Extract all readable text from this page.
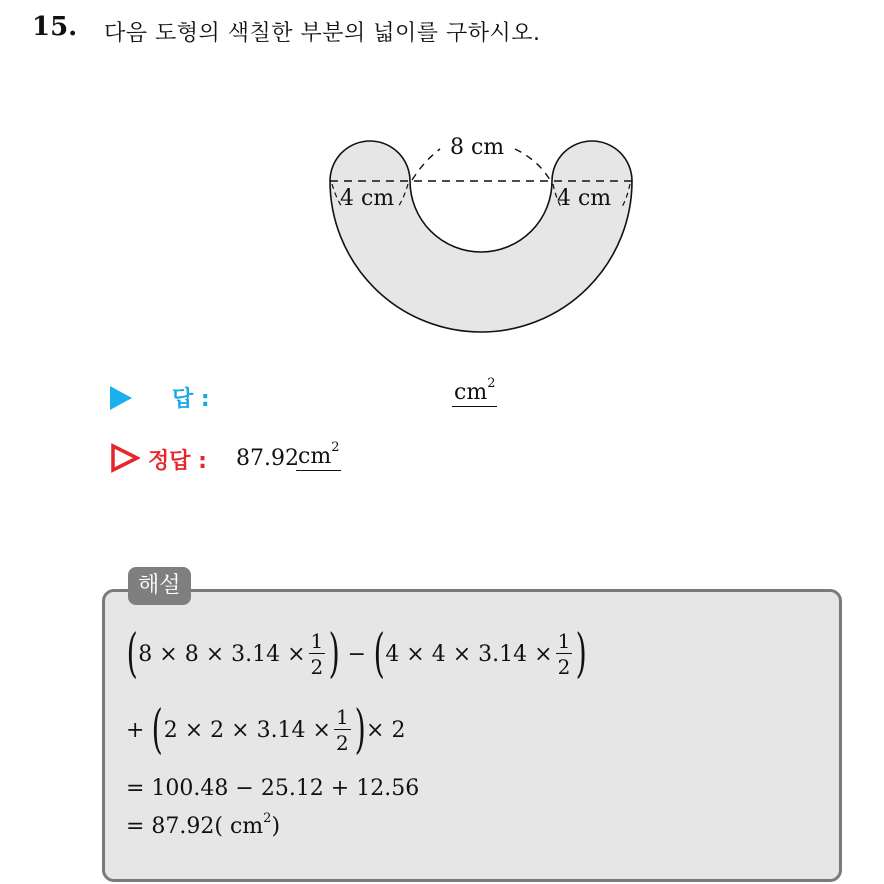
15. 다음 도형의 색칠한 부분의 넓이를 구하시오.
8 cm
4 cm	4 cm
답 :	$cm^2$
정답 : 87.92 $cm^2$
해설
( $8 \times 8 \times 3.14 \times \frac{1}{2}$ ) − ( $4 \times 4 \times 3.14 \times \frac{1}{2}$ )
+ ( $2 \times 2 \times 3.14 \times \frac{1}{2}$ ) × 2
= 100.48 − 25.12 + 12.56
= 87.92( $cm^2$ )
